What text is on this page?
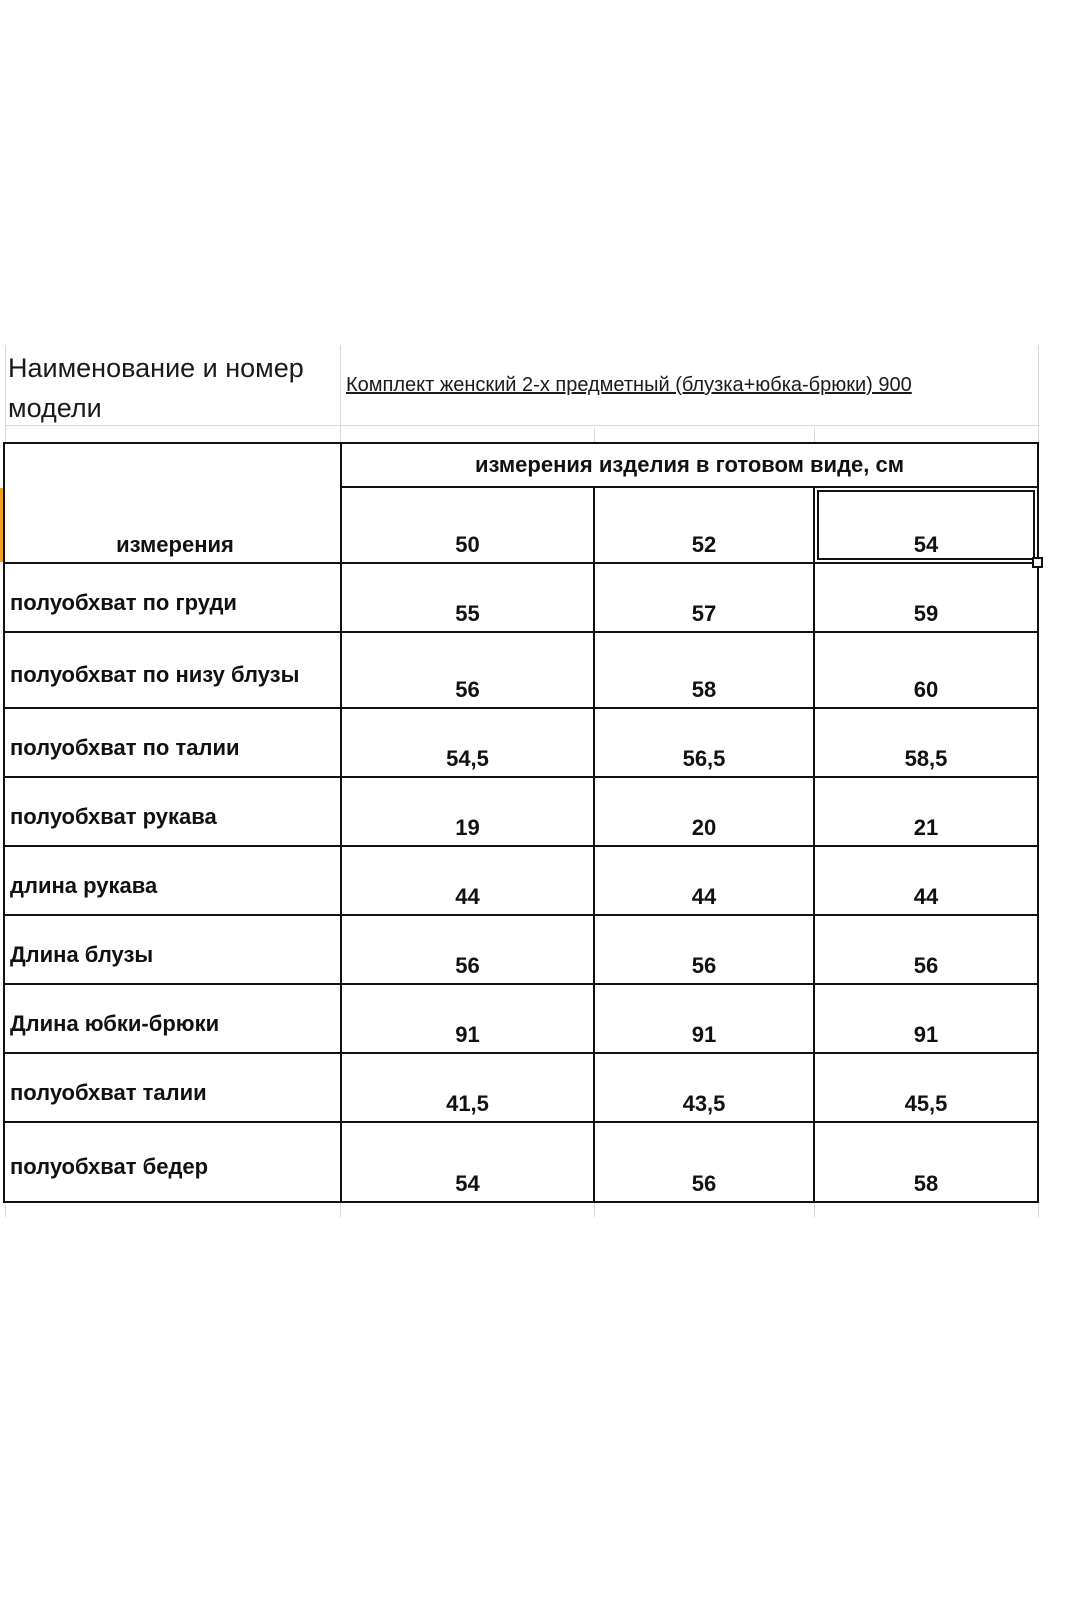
Наименование и номер модели
Комплект женский 2-х предметный (блузка+юбка-брюки) 900
измерения	измерения изделия в готовом виде, см		
	50	52	54

полуобхват по груди	55	57	59
полуобхват по низу блузы	56	58	60
полуобхват по талии	54,5	56,5	58,5
полуобхват рукава	19	20	21
длина рукава	44	44	44
Длина блузы	56	56	56
Длина юбки-брюки	91	91	91
полуобхват талии	41,5	43,5	45,5
полуобхват бедер	54	56	58
